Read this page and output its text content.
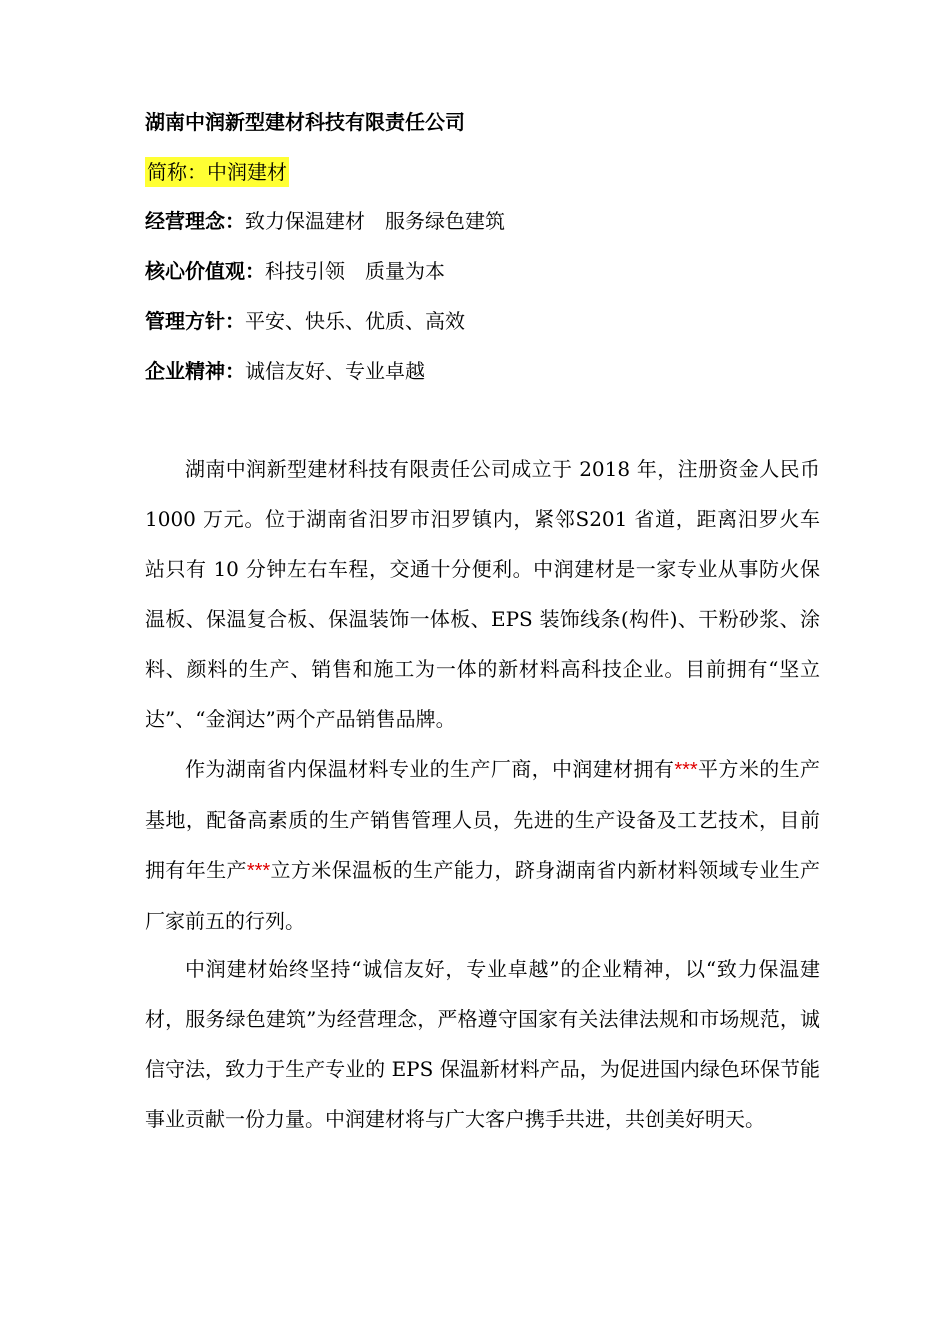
湖南中润新型建材科技有限责任公司
简称：中润建材
经营理念：致力保温建材　服务绿色建筑
核心价值观：科技引领　质量为本
管理方针：平安、快乐、优质、高效
企业精神：诚信友好、专业卓越
湖南中润新型建材科技有限责任公司成立于 2018 年，注册资金人民币 1000 万元。位于湖南省汨罗市汨罗镇内，紧邻S201 省道，距离汨罗火车站只有 10 分钟左右车程，交通十分便利。中润建材是一家专业从事防火保温板、保温复合板、保温装饰一体板、EPS 装饰线条(构件)、干粉砂浆、涂料、颜料的生产、销售和施工为一体的新材料高科技企业。目前拥有“坚立达”、“金润达”两个产品销售品牌。
作为湖南省内保温材料专业的生产厂商，中润建材拥有***平方米的生产基地，配备高素质的生产销售管理人员，先进的生产设备及工艺技术，目前拥有年生产***立方米保温板的生产能力，跻身湖南省内新材料领域专业生产厂家前五的行列。
中润建材始终坚持“诚信友好，专业卓越”的企业精神，以“致力保温建材，服务绿色建筑”为经营理念，严格遵守国家有关法律法规和市场规范，诚信守法，致力于生产专业的 EPS 保温新材料产品，为促进国内绿色环保节能事业贡献一份力量。中润建材将与广大客户携手共进，共创美好明天。
